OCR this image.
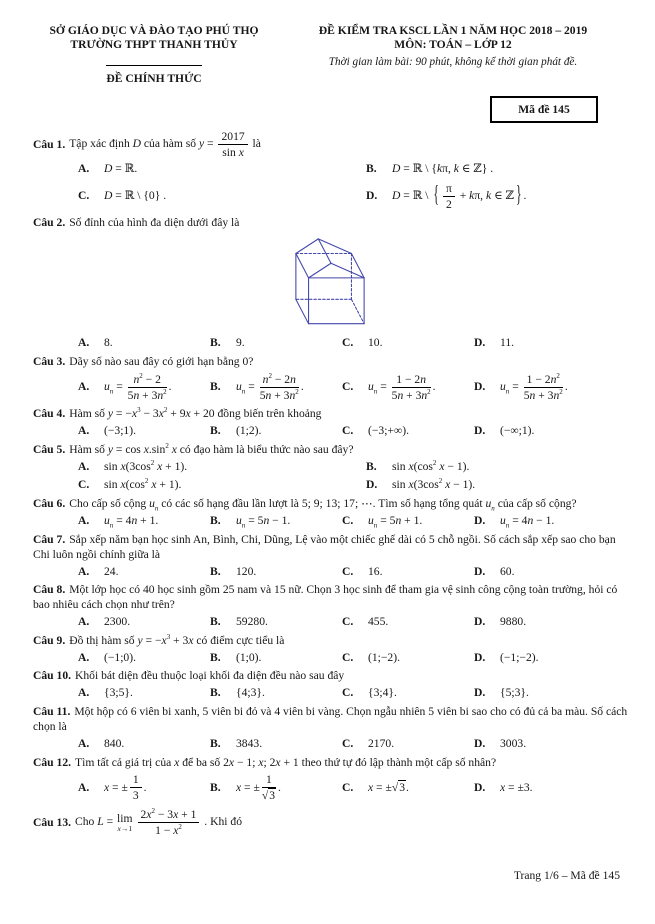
SỞ GIÁO DỤC VÀ ĐÀO TẠO PHÚ THỌ
TRƯỜNG THPT THANH THỦY
ĐỀ CHÍNH THỨC
ĐỀ KIỂM TRA KSCL LẦN 1 NĂM HỌC 2018 – 2019
MÔN: TOÁN – LỚP 12
Thời gian làm bài: 90 phút, không kể thời gian phát đề.
Mã đề 145

Câu 1. Tập xác định D của hàm số $y = \frac{2017}{\text{sin x}}$ là

A. D = ℝ.	B. D = ℝ \ {kπ, k ∈ ℤ} .
C. D = ℝ \ {0} .	D. D = ℝ \ { $\frac{\pi}{2} + k\pi$, k ∈ ℤ } .

Câu 2. Số đỉnh của hình đa diện dưới đây là

A. 8.	B. 9.	C. 10.	D. 11.

Câu 3. Dãy số nào sau đây có giới hạn bằng 0?

A. $u_n = \frac{n^2 - 2}{5n + 3n^2}$ .	B. $u_n = \frac{n^2 - 2n}{5n + 3n^2}$ .	C. $u_n = \frac{1 - 2n}{5n + 3n^2}$ .	D. $u_n = \frac{1 - 2n^2}{5n + 3n^2}$ .

Câu 4. Hàm số $y = -x^3 - 3x^2 + 9x + 20$ đồng biến trên khoảng

A. (−3;1).	B. (1;2).	C. (−3;+∞).	D. (−∞;1).

Câu 5. Hàm số $y = \cos x.\sin^2$ x có đạo hàm là biểu thức nào sau đây?

A. $\sin x(3\cos^2$ x + 1).	B. $\sin x(\cos^2$ x − 1).
C. $\sin x(\cos^2$ x + 1).	D. $\sin x(3\cos^2$ x − 1).

Câu 6. Cho cấp số cộng $u_n$ có các số hạng đầu lần lượt là 5; 9; 13; 17; ⋯. Tìm số hạng tổng quát $u_n$ của cấp số cộng?

A. $u_n = 4n + 1$.	B. $u_n = 5n - 1$.	C. $u_n = 5n + 1$.	D. $u_n = 4n - 1$.

Câu 7. Sắp xếp năm bạn học sinh An, Bình, Chi, Dũng, Lệ vào một chiếc ghế dài có 5 chỗ ngồi. Số cách sắp xếp sao cho bạn Chi luôn ngồi chính giữa là

A. 24.	B. 120.	C. 16.	D. 60.

Câu 8. Một lớp học có 40 học sinh gồm 25 nam và 15 nữ. Chọn 3 học sinh để tham gia vệ sinh công cộng toàn trường, hỏi có bao nhiêu cách chọn như trên?

A. 2300.	B. 59280.	C. 455.	D. 9880.

Câu 9. Đồ thị hàm số $y = -x^3 + 3x$ có điểm cực tiểu là

A. (−1;0).	B. (1;0).	C. (1;−2).	D. (−1;−2).

Câu 10. Khối bát diện đều thuộc loại khối đa diện đều nào sau đây

A. {3;5}.	B. {4;3}.	C. {3;4}.	D. {5;3}.

Câu 11. Một hộp có 6 viên bi xanh, 5 viên bi đỏ và 4 viên bi vàng. Chọn ngẫu nhiên 5 viên bi sao cho có đủ cả ba màu. Số cách chọn là

A. 840.	B. 3843.	C. 2170.	D. 3003.

Câu 12. Tìm tất cả giá trị của x để ba số 2x − 1; x; 2x + 1 theo thứ tự đó lập thành một cấp số nhân?

A. x = ± $\frac{1}{3}$ .	B. x = ± $\frac{1}{√3}$ .	C. x = ±√3.	D. x = ±3.

Câu 13. Cho L = lim
$x\to 1 \frac{2x^2 - 3x + 1}{1 - x^2}$ . Khi đó

Trang 1/6 – Mã đề 145
